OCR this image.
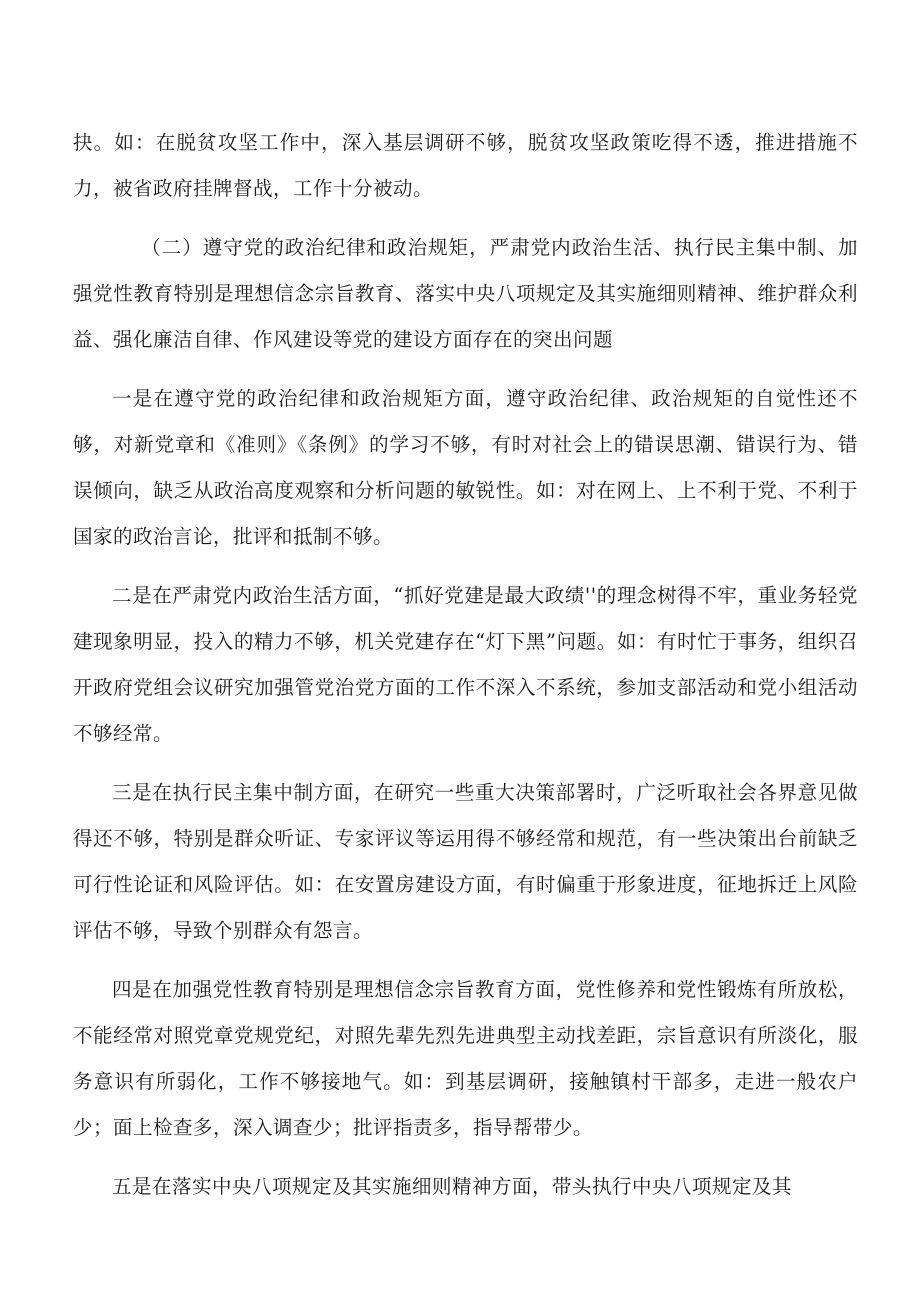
抉。如：在脱贫攻坚工作中，深入基层调研不够，脱贫攻坚政策吃得不透，推进措施不力，被省政府挂牌督战，工作十分被动。

（二）遵守党的政治纪律和政治规矩，严肃党内政治生活、执行民主集中制、加强党性教育特别是理想信念宗旨教育、落实中央八项规定及其实施细则精神、维护群众利益、强化廉洁自律、作风建设等党的建设方面存在的突出问题

一是在遵守党的政治纪律和政治规矩方面，遵守政治纪律、政治规矩的自觉性还不够，对新党章和《准则》《条例》的学习不够，有时对社会上的错误思潮、错误行为、错误倾向，缺乏从政治高度观察和分析问题的敏锐性。如：对在网上、上不利于党、不利于国家的政治言论，批评和抵制不够。

二是在严肃党内政治生活方面，“抓好党建是最大政绩''的理念树得不牢，重业务轻党建现象明显，投入的精力不够，机关党建存在“灯下黑”问题。如：有时忙于事务，组织召开政府党组会议研究加强管党治党方面的工作不深入不系统，参加支部活动和党小组活动不够经常。

三是在执行民主集中制方面，在研究一些重大决策部署时，广泛听取社会各界意见做得还不够，特别是群众听证、专家评议等运用得不够经常和规范，有一些决策出台前缺乏可行性论证和风险评估。如：在安置房建设方面，有时偏重于形象进度，征地拆迁上风险评估不够，导致个别群众有怨言。

四是在加强党性教育特别是理想信念宗旨教育方面，党性修养和党性锻炼有所放松，不能经常对照党章党规党纪，对照先辈先烈先进典型主动找差距，宗旨意识有所淡化，服务意识有所弱化，工作不够接地气。如：到基层调研，接触镇村干部多，走进一般农户少；面上检查多，深入调查少；批评指责多，指导帮带少。

五是在落实中央八项规定及其实施细则精神方面，带头执行中央八项规定及其
